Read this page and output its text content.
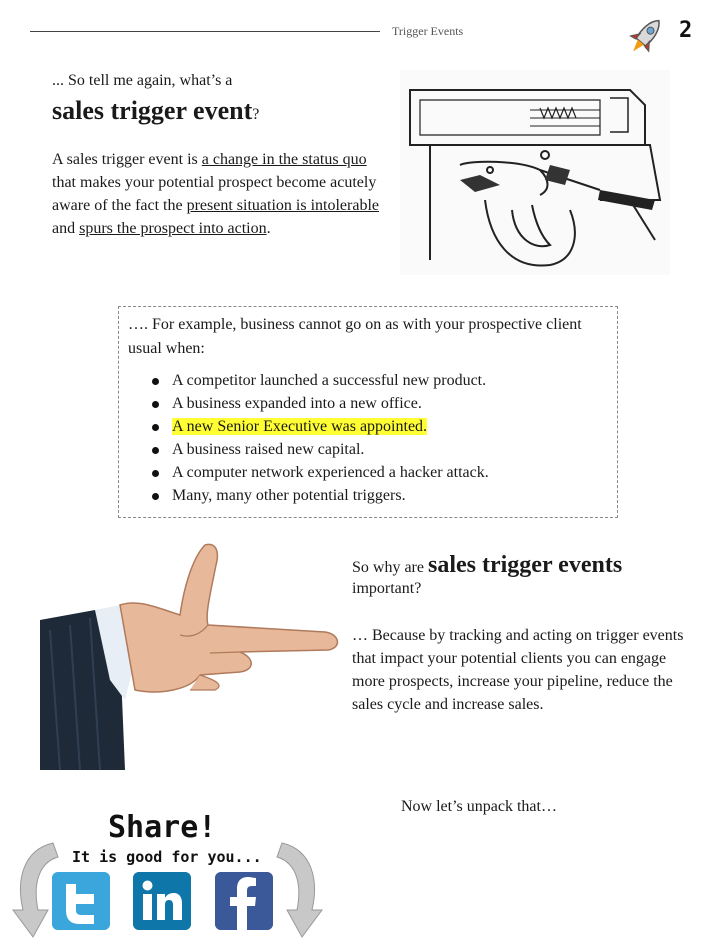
Trigger Events	2
... So tell me again, what’s a
sales trigger event?
A sales trigger event is a change in the status quo that makes your potential prospect become acutely aware of the fact the present situation is intolerable and spurs the prospect into action.
…. For example, business cannot go on as with your prospective client usual when:
A competitor launched a successful new product.
A business expanded into a new office.
A new Senior Executive was appointed.
A business raised new capital.
A computer network experienced a hacker attack.
Many, many other potential triggers.
So why are sales trigger events
important?
… Because by tracking and acting on trigger events that impact your potential clients you can engage more prospects, increase your pipeline, reduce the sales cycle and increase sales.
Now let’s unpack that…
Share!
It is good for you...
